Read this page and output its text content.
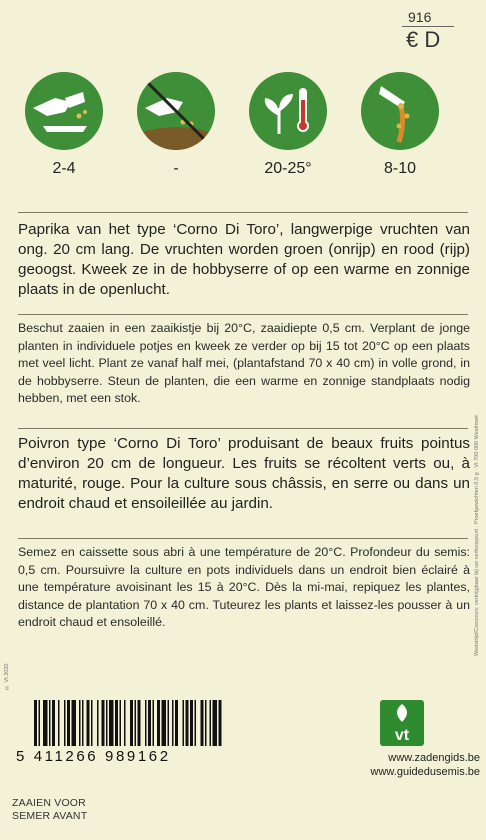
916
€ D
2-4	-	20-25°	8-10
Paprika van het type ‘Corno Di Toro’, langwerpige vruchten van ong. 20 cm lang. De vruchten worden groen (onrijp) en rood (rijp) geoogst. Kweek ze in de hobbyserre of op een warme en zonnige plaats in de openlucht.
Beschut zaaien in een zaaikistje bij 20°C, zaaidiepte 0,5 cm. Verplant de jonge planten in individuele potjes en kweek ze verder op bij 15 tot 20°C op een plaats met veel licht. Plant ze vanaf half mei, (plantafstand 70 x 40 cm) in volle grond, in de hobbyserre. Steun de planten, die een warme en zonnige standplaats nodig hebben, met een stok.
Poivron type ‘Corno Di Toro’ produisant de beaux fruits pointus d’environ 20 cm de longueur. Les fruits se récoltent verts ou, à maturité, rouge. Pour la culture sous châssis, en serre ou dans un endroit chaud et ensoileillée au jardin.
Semez en caissette sous abri à une température de 20°C. Profondeur du semis: 0,5 cm. Poursuivre la culture en pots individuels dans un endroit bien éclairé à une température avoisinant les 15 à 20°C. Dès la mi-mai, repiquez les plantes, distance de plantation 70 x 40 cm. Tuteurez les plants et laissez-les pousser à un endroit chaud et ensoleillé.	Wedstrijd/Concours: verkrijgbaar bij uw verkooppunt · Proefgewichten 0,5 g · Vt 700 009 Westhoek
© Vt 2020
5 411266 989162
vt
www.zadengids.be
www.guidedusemis.be
ZAAIEN VOOR
SEMER AVANT
